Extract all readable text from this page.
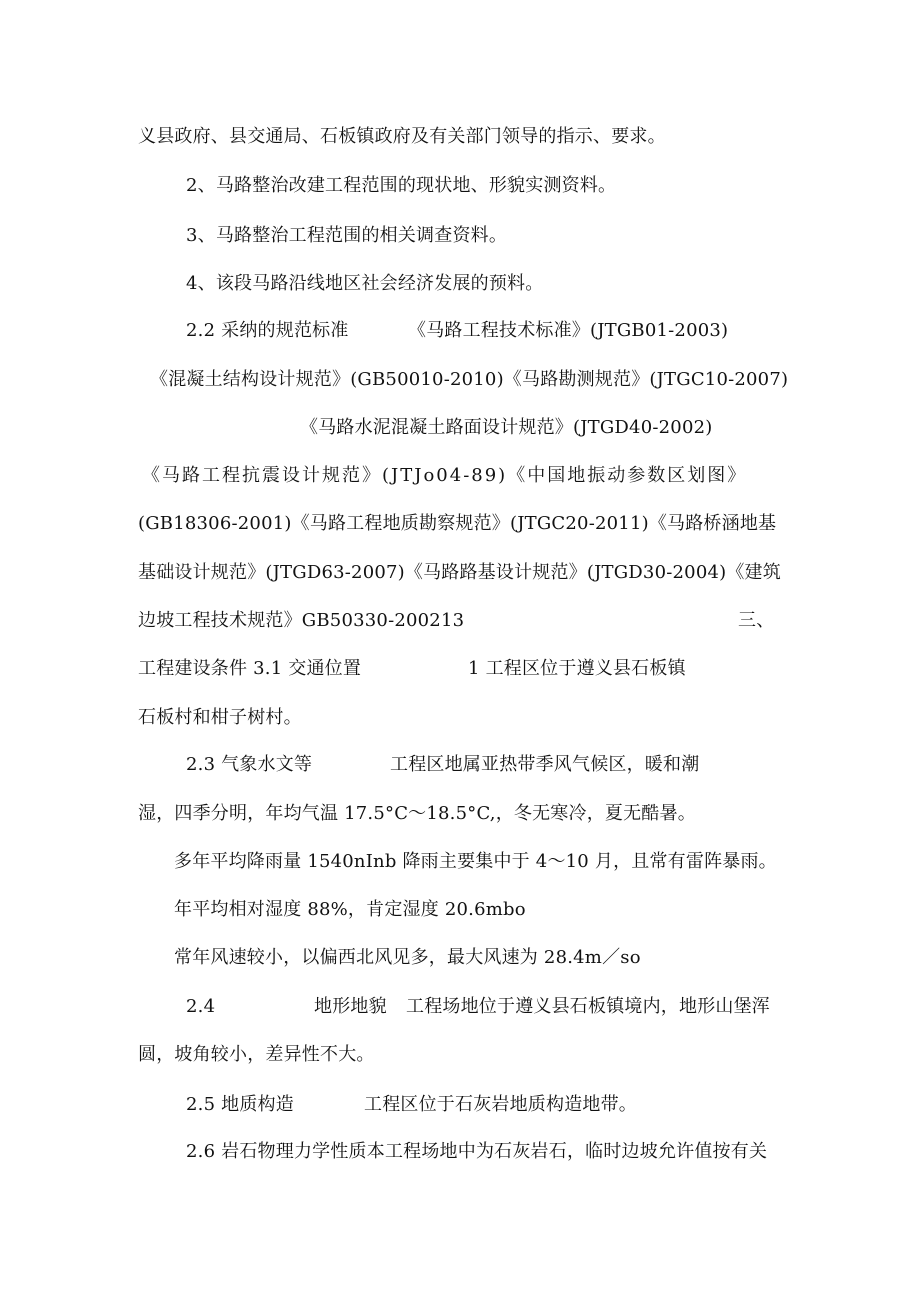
义县政府、县交通局、石板镇政府及有关部门领导的指示、要求。
2、马路整治改建工程范围的现状地、形貌实测资料。
3、马路整治工程范围的相关调查资料。
4、该段马路沿线地区社会经济发展的预料。
2.2 采纳的规范标准	《马路工程技术标准》(JTGB01-2003)
《混凝土结构设计规范》(GB50010-2010)《马路勘测规范》(JTGC10-2007)
《马路水泥混凝土路面设计规范》(JTGD40-2002)
《马路工程抗震设计规范》(JTJo04-89)《中国地振动参数区划图》
(GB18306-2001)《马路工程地质勘察规范》(JTGC20-2011)《马路桥涵地基
基础设计规范》(JTGD63-2007)《马路路基设计规范》(JTGD30-2004)《建筑
边坡工程技术规范》GB50330-200213	三、
工程建设条件 3.1 交通位置	1 工程区位于遵义县石板镇
石板村和柑子树村。
2.3 气象水文等	工程区地属亚热带季风气候区，暖和潮
湿，四季分明，年均气温 17.5°C～18.5°C,，冬无寒冷，夏无酷暑。
多年平均降雨量 1540nInb 降雨主要集中于 4～10 月，且常有雷阵暴雨。
年平均相对湿度 88%，肯定湿度 20.6mbo
常年风速较小，以偏西北风见多，最大风速为 28.4m／so
2.4	地形地貌 工程场地位于遵义县石板镇境内，地形山堡浑
圆，坡角较小，差异性不大。
2.5 地质构造	工程区位于石灰岩地质构造地带。
2.6 岩石物理力学性质本工程场地中为石灰岩石，临时边坡允许值按有关
